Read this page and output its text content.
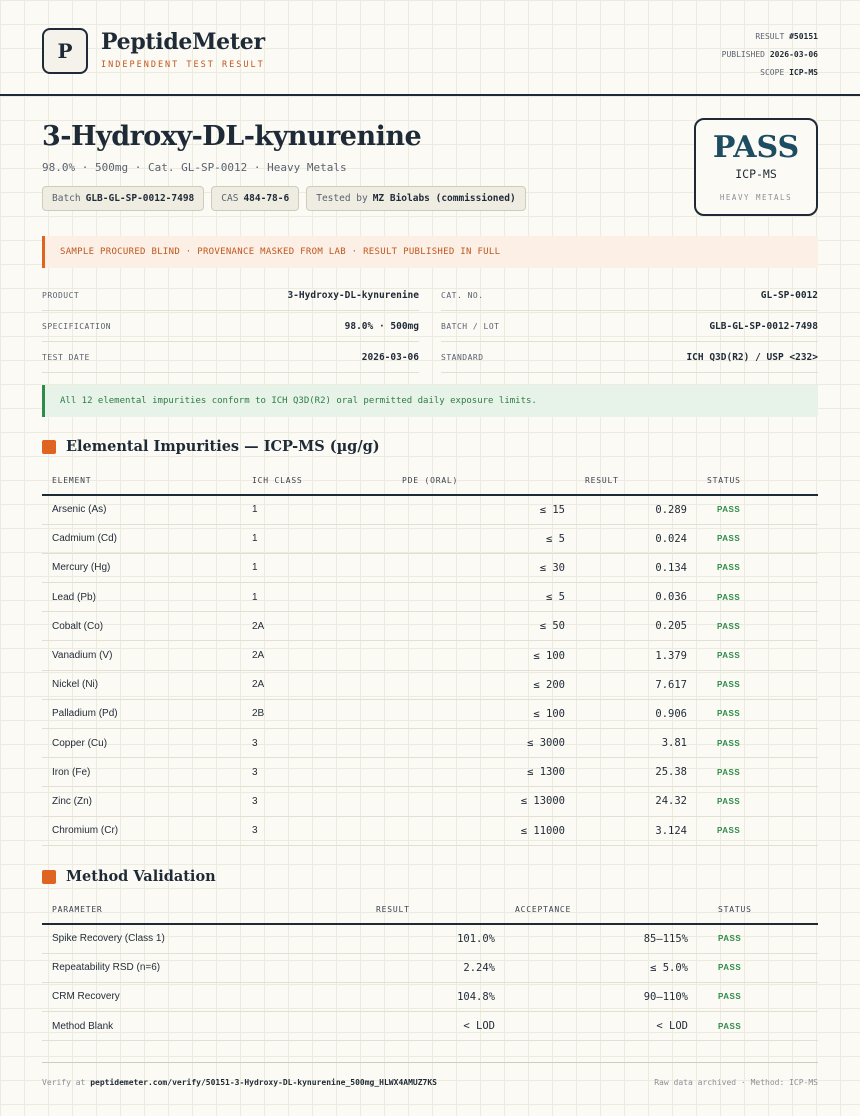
P	PeptideMeter
INDEPENDENT TEST RESULT
RESULT #50151
PUBLISHED 2026-03-06
SCOPE ICP-MS
3-Hydroxy-DL-kynurenine
98.0% · 500mg · Cat. GL-SP-0012 · Heavy Metals
Batch GLB-GL-SP-0012-7498	CAS 484-78-6	Tested by MZ Biolabs (commissioned)
PASS
ICP-MS
HEAVY METALS
SAMPLE PROCURED BLIND · PROVENANCE MASKED FROM LAB · RESULT PUBLISHED IN FULL
PRODUCT	3-Hydroxy-DL-kynurenine	CAT. NO.	GL-SP-0012
SPECIFICATION	98.0% · 500mg	BATCH / LOT	GLB-GL-SP-0012-7498
TEST DATE	2026-03-06	STANDARD	ICH Q3D(R2) / USP <232>
All 12 elemental impurities conform to ICH Q3D(R2) oral permitted daily exposure limits.
Elemental Impurities — ICP-MS (µg/g)
ELEMENT	ICH CLASS	PDE (ORAL)	RESULT	STATUS
Arsenic (As)	1	≤ 15	0.289	PASS
Cadmium (Cd)	1	≤ 5	0.024	PASS
Mercury (Hg)	1	≤ 30	0.134	PASS
Lead (Pb)	1	≤ 5	0.036	PASS
Cobalt (Co)	2A	≤ 50	0.205	PASS
Vanadium (V)	2A	≤ 100	1.379	PASS
Nickel (Ni)	2A	≤ 200	7.617	PASS
Palladium (Pd)	2B	≤ 100	0.906	PASS
Copper (Cu)	3	≤ 3000	3.81	PASS
Iron (Fe)	3	≤ 1300	25.38	PASS
Zinc (Zn)	3	≤ 13000	24.32	PASS
Chromium (Cr)	3	≤ 11000	3.124	PASS
Method Validation
PARAMETER	RESULT	ACCEPTANCE	STATUS
Spike Recovery (Class 1)	101.0%	85–115%	PASS
Repeatability RSD (n=6)	2.24%	≤ 5.0%	PASS
CRM Recovery	104.8%	90–110%	PASS
Method Blank	< LOD	< LOD	PASS
Verify at peptidemeter.com/verify/50151-3-Hydroxy-DL-kynurenine_500mg_HLWX4AMUZ7KS	Raw data archived · Method: ICP-MS
